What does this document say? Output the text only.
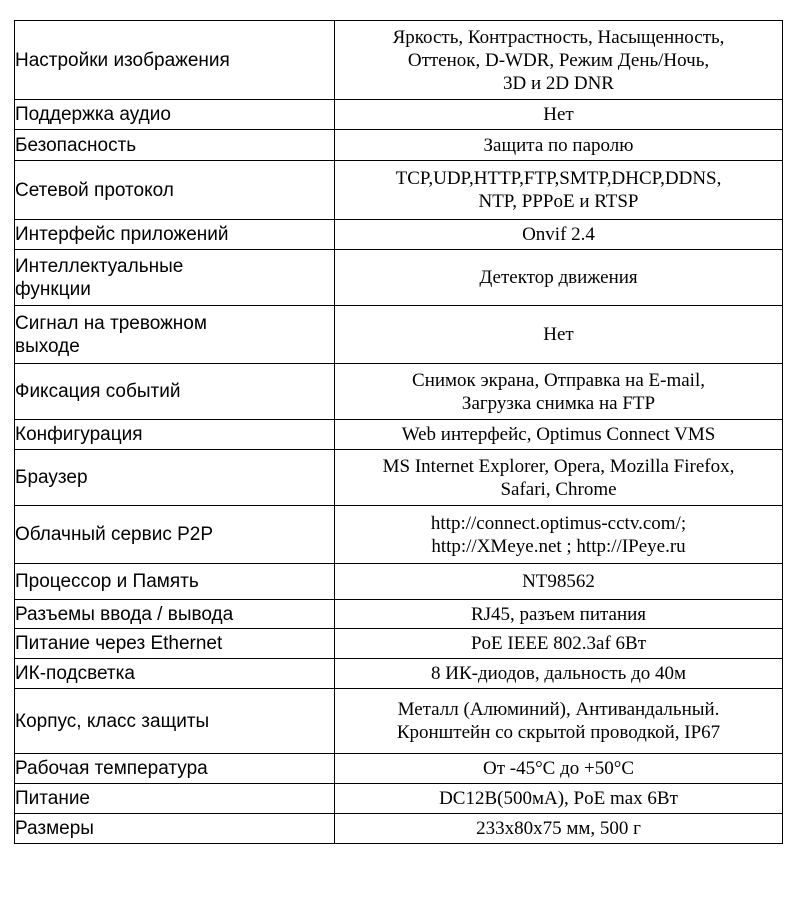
Настройки изображения	Яркость, Контрастность, Насыщенность,
Оттенок, D-WDR, Режим День/Ночь,
3D и 2D DNR
Поддержка аудио	Нет
Безопасность	Защита по паролю
Сетевой протокол	TCP,UDP,HTTP,FTP,SMTP,DHCP,DDNS,
NTP, PPPoE и RTSP
Интерфейс приложений	Onvif 2.4
Интеллектуальные
функции	Детектор движения
Сигнал на тревожном
выходе	Нет
Фиксация событий	Снимок экрана, Отправка на E-mail,
Загрузка снимка на FTP
Конфигурация	Web интерфейс, Optimus Connect VMS
Браузер	MS Internet Explorer, Opera, Mozilla Firefox,
Safari, Chrome
Облачный сервис P2P	http://connect.optimus-cctv.com/;
http://XMeye.net ; http://IPeye.ru
Процессор и Память	NT98562
Разъемы ввода / вывода	RJ45, разъем питания
Питание через Ethernet	PoE IEEE 802.3af 6Вт
ИК-подсветка	8 ИК-диодов, дальность до 40м
Корпус, класс защиты	Металл (Алюминий), Антивандальный.
Кронштейн со скрытой проводкой, IP67
Рабочая температура	От -45°C до +50°C
Питание	DC12В(500мА), PoE max 6Вт
Размеры	233х80х75 мм, 500 г
